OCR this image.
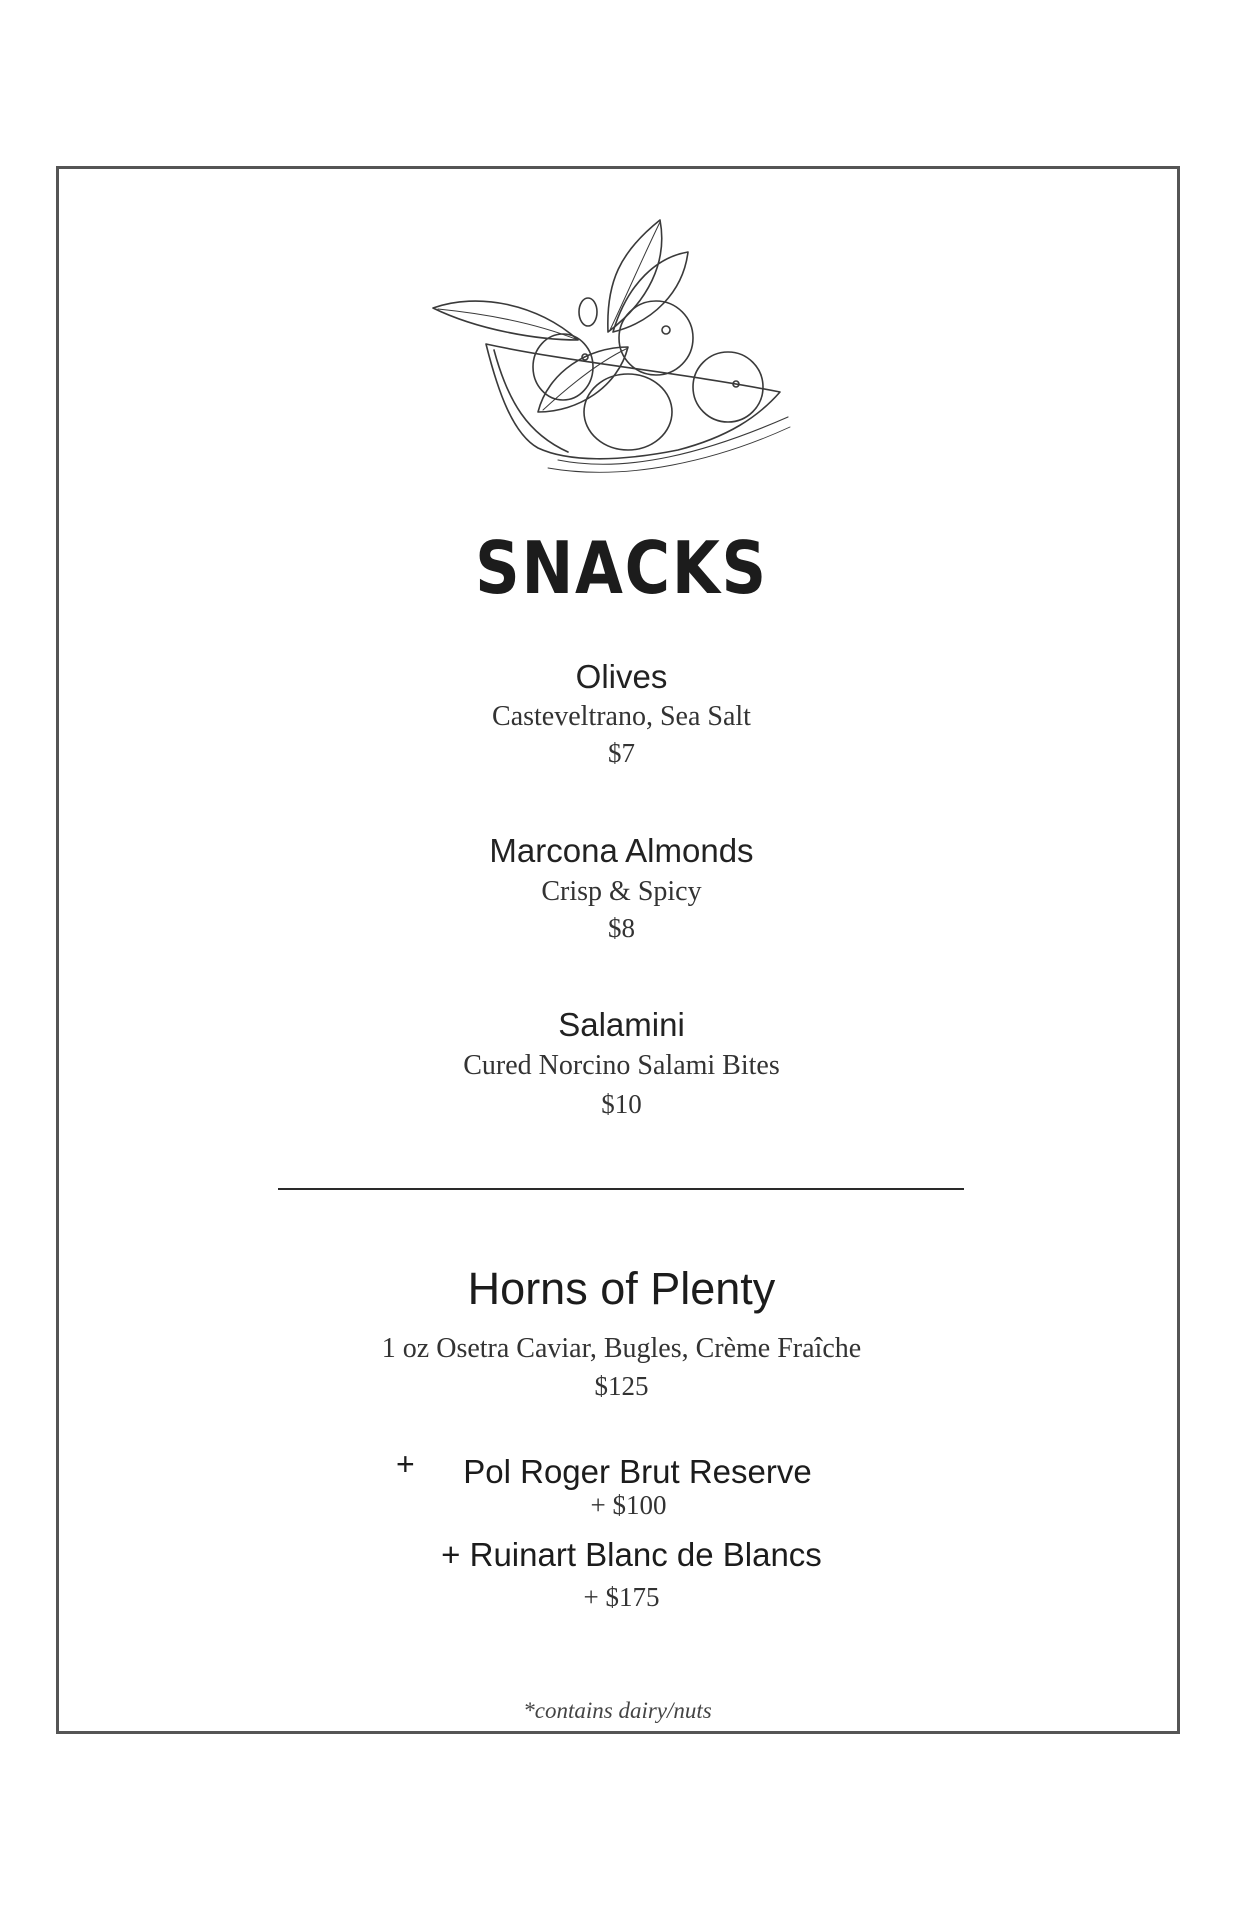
SNACKS
Olives
Casteveltrano, Sea Salt
$7
Marcona Almonds
Crisp & Spicy
$8
Salamini
Cured Norcino Salami Bites
$10
Horns of Plenty
1 oz Osetra Caviar, Bugles, Crème Fraîche
$125
+	Pol Roger Brut Reserve
+ $100
+ Ruinart Blanc de Blancs
+ $175
*contains dairy/nuts
